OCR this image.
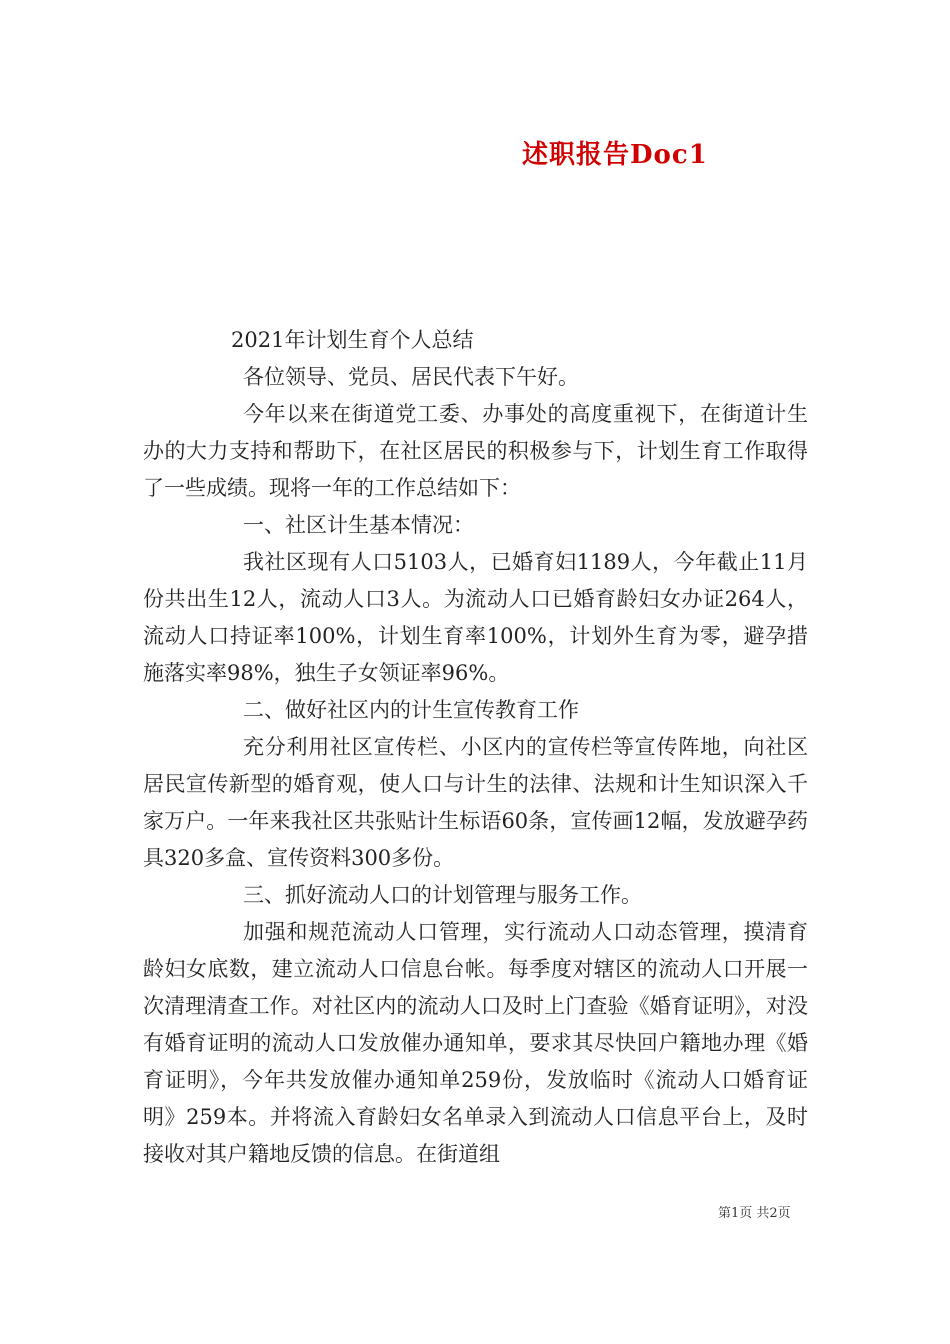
述职报告Doc1

2021年计划生育个人总结

各位领导、党员、居民代表下午好。

今年以来在街道党工委、办事处的高度重视下，在街道计生办的大力支持和帮助下，在社区居民的积极参与下，计划生育工作取得了一些成绩。现将一年的工作总结如下：

一、社区计生基本情况：

我社区现有人口5103人，已婚育妇1189人，今年截止11月份共出生12人，流动人口3人。为流动人口已婚育龄妇女办证264人，流动人口持证率100%，计划生育率100%，计划外生育为零，避孕措施落实率98%，独生子女领证率96%。

二、做好社区内的计生宣传教育工作

充分利用社区宣传栏、小区内的宣传栏等宣传阵地，向社区居民宣传新型的婚育观，使人口与计生的法律、法规和计生知识深入千家万户。一年来我社区共张贴计生标语60条，宣传画12幅，发放避孕药具320多盒、宣传资料300多份。

三、抓好流动人口的计划管理与服务工作。

加强和规范流动人口管理，实行流动人口动态管理，摸清育龄妇女底数，建立流动人口信息台帐。每季度对辖区的流动人口开展一次清理清查工作。对社区内的流动人口及时上门查验《婚育证明》，对没有婚育证明的流动人口发放催办通知单，要求其尽快回户籍地办理《婚育证明》，今年共发放催办通知单259份，发放临时《流动人口婚育证明》259本。并将流入育龄妇女名单录入到流动人口信息平台上，及时接收对其户籍地反馈的信息。在街道组

第1页 共2页
